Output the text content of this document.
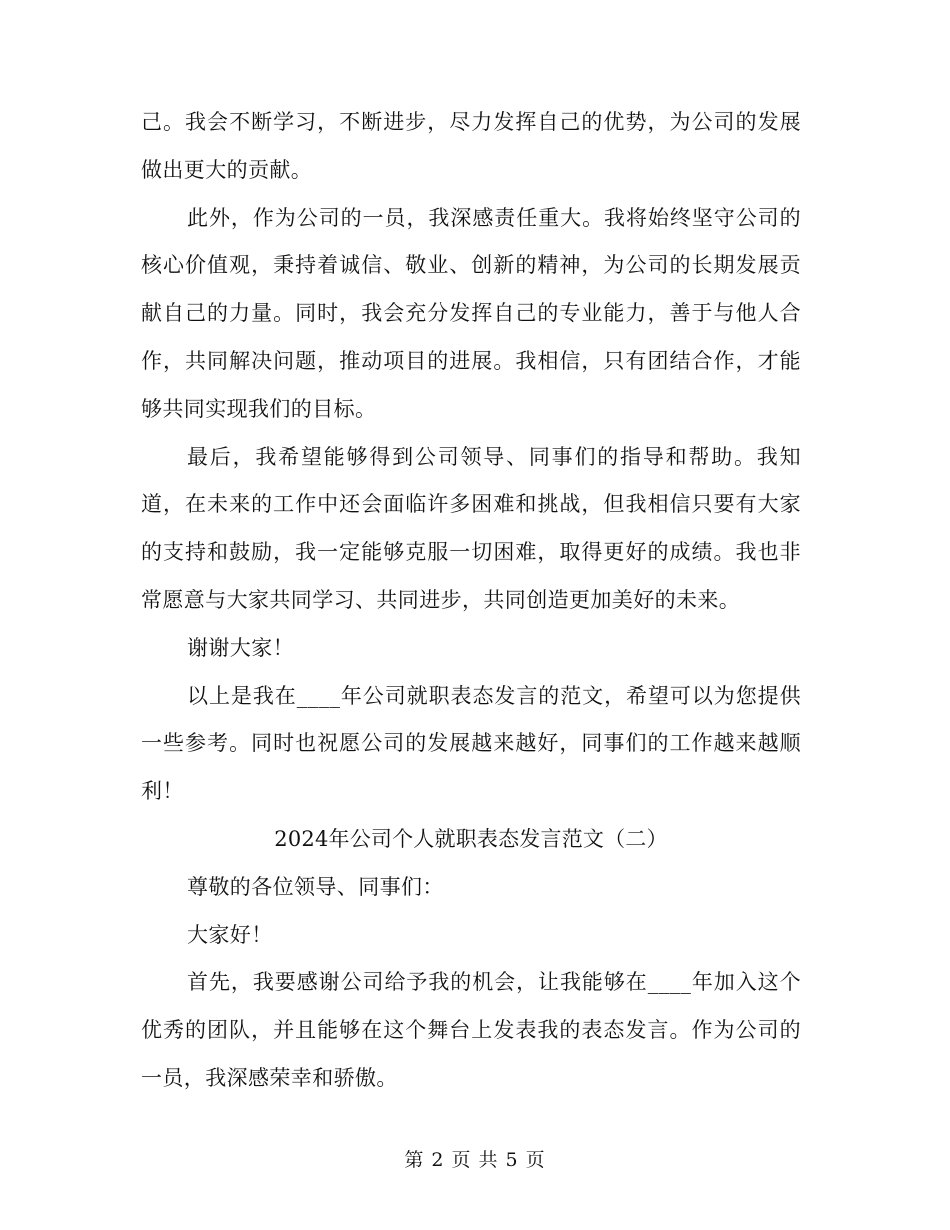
己。我会不断学习，不断进步，尽力发挥自己的优势，为公司的发展做出更大的贡献。

此外，作为公司的一员，我深感责任重大。我将始终坚守公司的核心价值观，秉持着诚信、敬业、创新的精神，为公司的长期发展贡献自己的力量。同时，我会充分发挥自己的专业能力，善于与他人合作，共同解决问题，推动项目的进展。我相信，只有团结合作，才能够共同实现我们的目标。

最后，我希望能够得到公司领导、同事们的指导和帮助。我知道，在未来的工作中还会面临许多困难和挑战，但我相信只要有大家的支持和鼓励，我一定能够克服一切困难，取得更好的成绩。我也非常愿意与大家共同学习、共同进步，共同创造更加美好的未来。

谢谢大家！

以上是我在____年公司就职表态发言的范文，希望可以为您提供一些参考。同时也祝愿公司的发展越来越好，同事们的工作越来越顺利！

2024年公司个人就职表态发言范文（二）

尊敬的各位领导、同事们：

大家好！

首先，我要感谢公司给予我的机会，让我能够在____年加入这个优秀的团队，并且能够在这个舞台上发表我的表态发言。作为公司的一员，我深感荣幸和骄傲。

第 2 页 共 5 页
